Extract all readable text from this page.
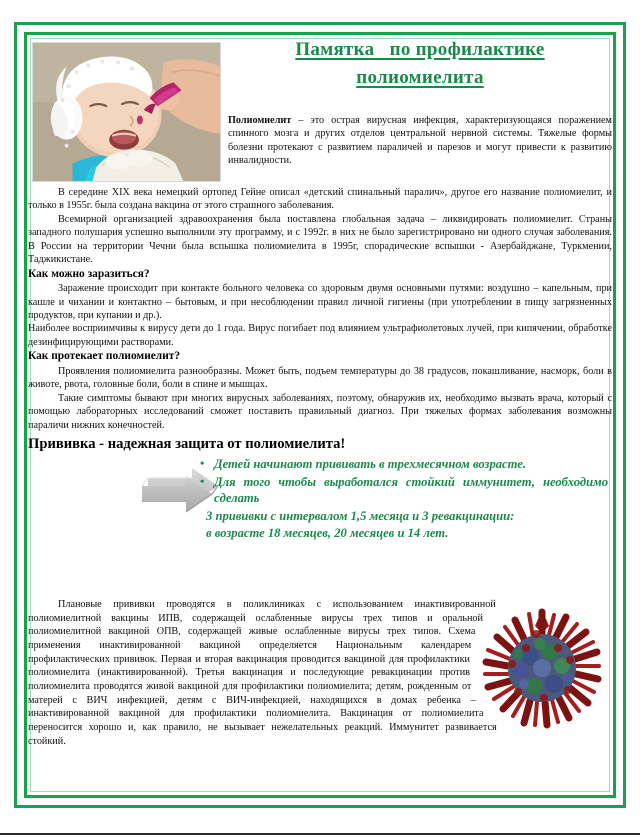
Памятка   по профилактике
полиомиелита
Полиомиелит – это острая вирусная инфекция, характеризующаяся поражением спинного мозга и других отделов центральной нервной системы. Тяжелые формы болезни протекают с развитием параличей и парезов и могут привести к развитию инвалидности.

В середине XIX века немецкий ортопед Гейне описал «детский спинальный паралич», другое его название полиомиелит, и только в 1955г. была создана вакцина от этого страшного заболевания.

Всемирной организацией здравоохранения была поставлена глобальная задача – ликвидировать полиомиелит. Страны западного полушария успешно выполнили эту программу, и с 1992г. в них не было зарегистрировано ни одного случая заболевания. В России на территории Чечни была вспышка полиомиелита в 1995г, спорадические вспышки - Азербайджане, Туркмении, Таджикистане.

Как можно заразиться?

Заражение происходит при контакте больного человека со здоровым двумя основными путями: воздушно – капельным, при кашле и чихании и контактно – бытовым, и при несоблюдении правил личной гигиены (при употреблении в пищу загрязненных продуктов, при купании и др.).

Наиболее восприимчивы к вирусу дети до 1 года. Вирус погибает под влиянием ультрафиолетовых лучей, при кипячении, обработке дезинфицирующими растворами.

Как протекает полиомиелит?

Проявления полиомиелита разнообразны. Может быть, подъем температуры до 38 градусов, покашливание, насморк, боли в животе, рвота, головные боли, боли в спине и мышцах.

Такие симптомы бывают при многих вирусных заболеваниях, поэтому, обнаружив их, необходимо вызвать врача, который с помощью лабораторных исследований сможет поставить правильный диагноз. При тяжелых формах заболевания возможны параличи нижних конечностей.

Прививка - надежная защита от полиомиелита!
• Детей начинают прививать в трехмесячном возрасте.
• Для того чтобы выработался стойкий иммунитет, необходимо сделать
3 прививки с интервалом 1,5 месяца и 3 ревакцинации:
в возрасте 18 месяцев, 20 месяцев и 14 лет.

Плановые прививки проводятся в поликлиниках с использованием инактивированной полиомиелитной вакцины ИПВ, содержащей ослабленные вирусы трех типов и оральной полиомиелитной вакциной ОПВ, содержащей живые ослабленные вирусы трех типов. Схема применения инактивированной вакциной определяется Национальным календарем профилактических прививок. Первая и вторая вакцинация проводится вакциной для профилактики полиомиелита (инактивированной). Третья вакцинация и последующие ревакцинации против полиомиелита проводятся живой вакциной для профилактики полиомиелита; детям, рожденным от матерей с ВИЧ инфекцией, детям с ВИЧ-инфекцией, находящихся в домах ребенка – инактивированной вакциной для профилактики полиомиелита. Вакцинация от полиомиелита переносится хорошо и, как правило, не вызывает нежелательных реакций. Иммунитет развивается стойкий.
